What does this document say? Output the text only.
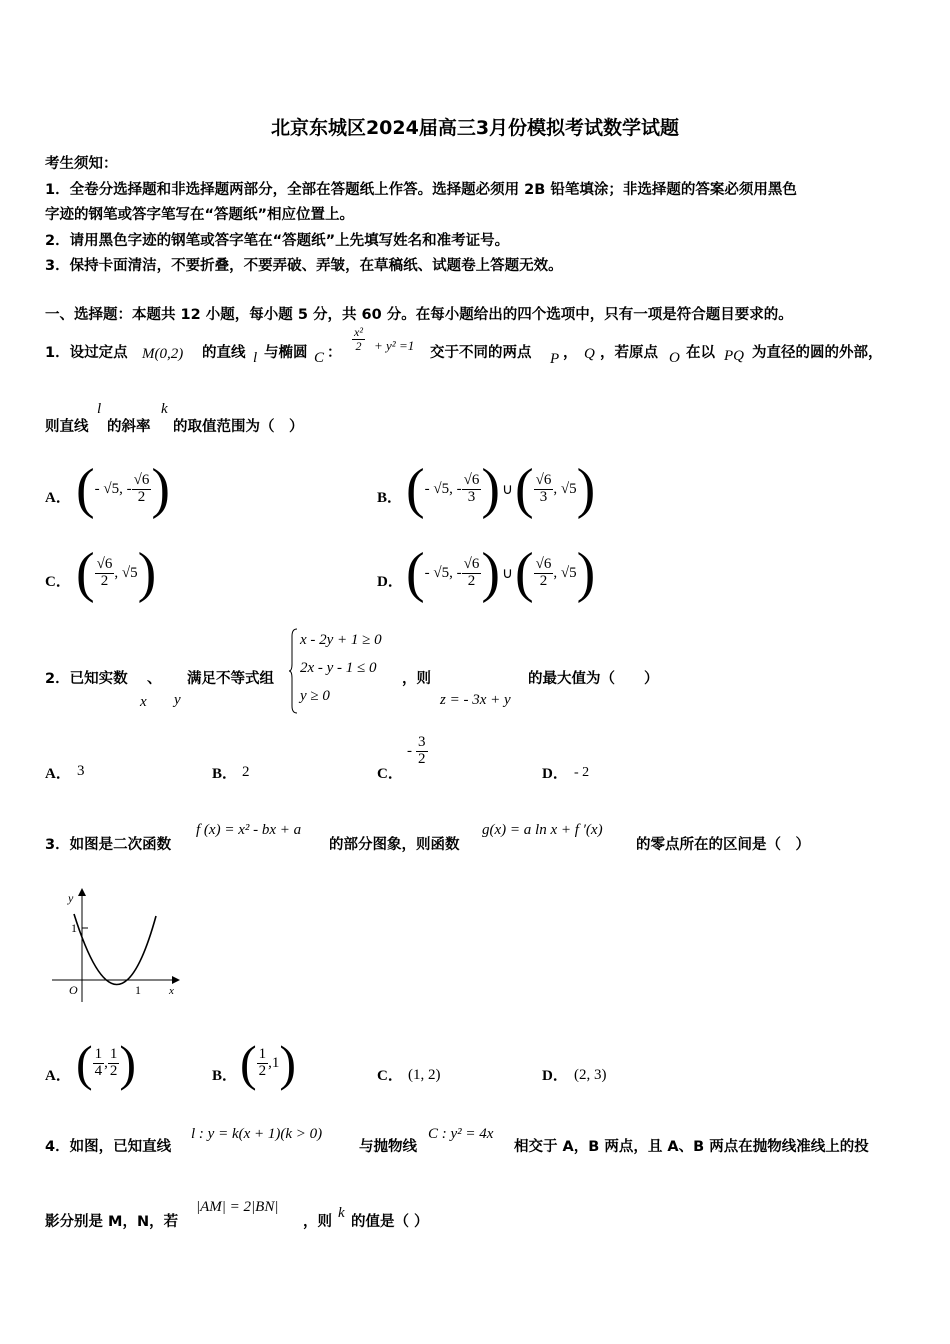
北京东城区2024届高三3月份模拟考试数学试题
考生须知：
1．全卷分选择题和非选择题两部分，全部在答题纸上作答。选择题必须用 2B 铅笔填涂；非选择题的答案必须用黑色
字迹的钢笔或答字笔写在“答题纸”相应位置上。
2．请用黑色字迹的钢笔或答字笔在“答题纸”上先填写姓名和准考证号。
3．保持卡面清洁，不要折叠，不要弄破、弄皱，在草稿纸、试题卷上答题无效。
一、选择题：本题共 12 小题，每小题 5 分，共 60 分。在每小题给出的四个选项中，只有一项是符合题目要求的。
1．设过定点 M(0,2) 的直线 l 与椭圆 C ：
$\frac{\text{x²}}{2} + y^2 =1$ 交于不同的两点 P ， Q ，若原点 O 在以 PQ 为直径的圆的外部，
则直线
l
的斜率
k
的取值范围为（　）
A． ( - √5, - $\frac{√6}{2}$ )	B． ( - √5, - $\frac{√6}{3}$ ) ∪ ( $\frac{√6}{3}$ , √5 )
C． ( $\frac{√6}{2}$ , √5 )	D． ( - √5, - $\frac{√6}{2}$ ) ∪ ( $\frac{√6}{2}$ , √5 )
2．已知实数 、 满足不等式组
x y
x - 2y + 1 ≥ 0
2x - y - 1 ≤ 0
y ≥ 0
，则	的最大值为（　　）
z = - 3x + y
A． 3	B． 2	C．
- $\frac{3}{2}$
D． - 2
3．如图是二次函数
f (x) = x² - bx + a
的部分图象，则函数
g(x) = a ln x + f ′(x)
的零点所在的区间是（　）
y
x
O
1
1
A． ( $\frac{1}{4}$ , $\frac{1}{2}$ )	B． ( $\frac{1}{2} ,1$ )	C． (1, 2)	D． (2, 3)
4．如图，已知直线
l : y = k(x + 1)(k > 0)
与抛物线
C : y² = 4x
相交于 A，B 两点，且 A、B 两点在抛物线准线上的投
影分别是 M，N，若
|AM| = 2|BN|
，则
k
的值是（ ）
